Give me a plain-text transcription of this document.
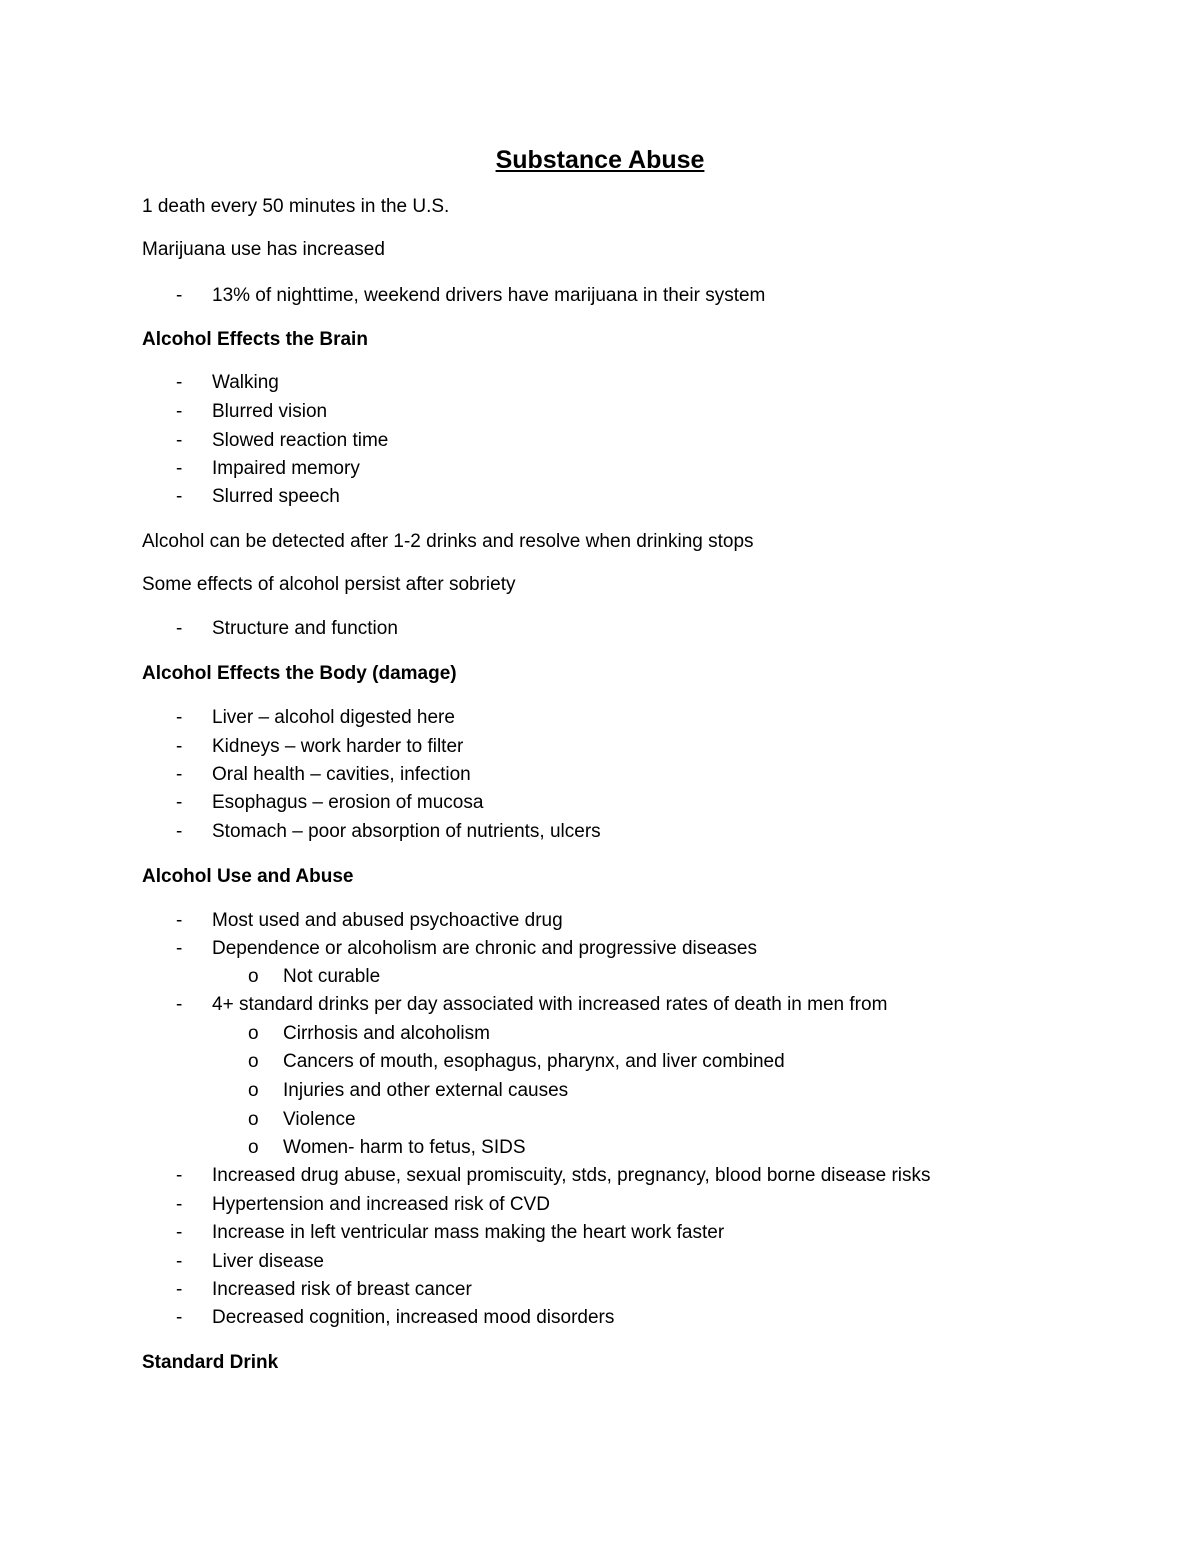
Substance Abuse
1 death every 50 minutes in the U.S.
Marijuana use has increased
- 13% of nighttime, weekend drivers have marijuana in their system
Alcohol Effects the Brain
- Walking
- Blurred vision
- Slowed reaction time
- Impaired memory
- Slurred speech
Alcohol can be detected after 1-2 drinks and resolve when drinking stops
Some effects of alcohol persist after sobriety
- Structure and function
Alcohol Effects the Body (damage)
- Liver – alcohol digested here
- Kidneys – work harder to filter
- Oral health – cavities, infection
- Esophagus – erosion of mucosa
- Stomach – poor absorption of nutrients, ulcers
Alcohol Use and Abuse
- Most used and abused psychoactive drug
- Dependence or alcoholism are chronic and progressive diseases
o Not curable
- 4+ standard drinks per day associated with increased rates of death in men from
o Cirrhosis and alcoholism
o Cancers of mouth, esophagus, pharynx, and liver combined
o Injuries and other external causes
o Violence
o Women- harm to fetus, SIDS
- Increased drug abuse, sexual promiscuity, stds, pregnancy, blood borne disease risks
- Hypertension and increased risk of CVD
- Increase in left ventricular mass making the heart work faster
- Liver disease
- Increased risk of breast cancer
- Decreased cognition, increased mood disorders
Standard Drink
